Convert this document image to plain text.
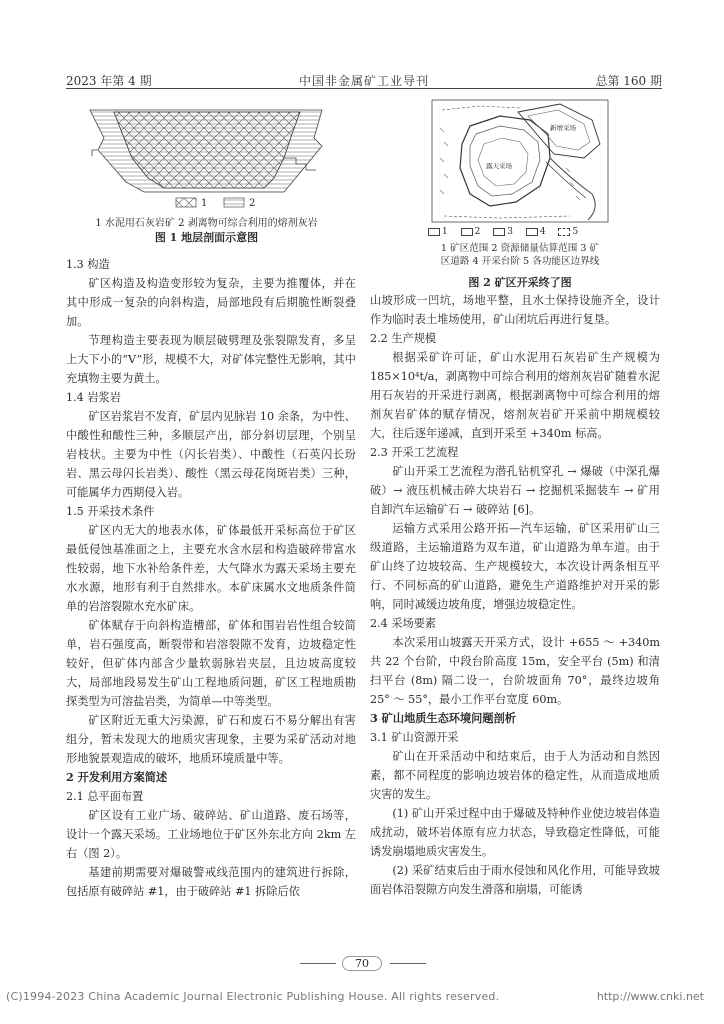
2023 年第 4 期	中国非金属矿工业导刊	总第 160 期
1	2
1 水泥用石灰岩矿 2 剥离物可综合利用的熔剂灰岩
图 1 地层剖面示意图
露天采场
新增采场
1	2	3	4	5
1 矿区范围 2 资源储量估算范围 3 矿
区道路 4 开采台阶 5 各功能区边界线
图 2 矿区开采终了图

1.3 构造

矿区构造及构造变形较为复杂，主要为推覆体，并在其中形成一复杂的向斜构造，局部地段有后期脆性断裂叠加。

节理构造主要表现为顺层破劈理及张裂隙发育，多呈上大下小的“V”形，规模不大，对矿体完整性无影响，其中充填物主要为黄土。

1.4 岩浆岩

矿区岩浆岩不发育，矿层内见脉岩 10 余条，为中性、中酸性和酸性三种，多顺层产出，部分斜切层理，个别呈岩枝状。主要为中性（闪长岩类）、中酸性（石英闪长玢岩、黑云母闪长岩类）、酸性（黑云母花岗斑岩类）三种，可能属华力西期侵入岩。

1.5 开采技术条件

矿区内无大的地表水体，矿体最低开采标高位于矿区最低侵蚀基准面之上，主要充水含水层和构造破碎带富水性较弱，地下水补给条件差，大气降水为露天采场主要充水水源，地形有利于自然排水。本矿床属水文地质条件简单的岩溶裂隙水充水矿床。

矿体赋存于向斜构造槽部，矿体和围岩岩性组合较简单，岩石强度高，断裂带和岩溶裂隙不发育，边坡稳定性较好，但矿体内部含少量软弱脉岩夹层，且边坡高度较大，局部地段易发生矿山工程地质问题，矿区工程地质勘探类型为可溶盐岩类，为简单—中等类型。

矿区附近无重大污染源，矿石和废石不易分解出有害组分，暂未发现大的地质灾害现象，主要为采矿活动对地形地貌景观造成的破坏，地质环境质量中等。

2 开发利用方案简述

2.1 总平面布置

矿区设有工业广场、破碎站、矿山道路、废石场等，设计一个露天采场。工业场地位于矿区外东北方向 2km 左右（图 2）。

基建前期需要对爆破警戒线范围内的建筑进行拆除，包括原有破碎站 #1，由于破碎站 #1 拆除后依

山坡形成一凹坑，场地平整，且水土保持设施齐全，设计作为临时表土堆场使用，矿山闭坑后再进行复垦。

2.2 生产规模

根据采矿许可证，矿山水泥用石灰岩矿生产规模为 185×10⁴t/a，剥离物中可综合利用的熔剂灰岩矿随着水泥用石灰岩的开采进行剥离，根据剥离物中可综合利用的熔剂灰岩矿体的赋存情况，熔剂灰岩矿开采前中期规模较大，往后逐年递减，直到开采至 +340m 标高。

2.3 开采工艺流程

矿山开采工艺流程为潜孔钻机穿孔 → 爆破（中深孔爆破）→ 液压机械击碎大块岩石 → 挖掘机采掘装车 → 矿用自卸汽车运输矿石 → 破碎站 [6]。

运输方式采用公路开拓—汽车运输，矿区采用矿山三级道路，主运输道路为双车道，矿山道路为单车道。由于矿山终了边坡较高、生产规模较大，本次设计两条相互平行、不同标高的矿山道路，避免生产道路维护对开采的影响，同时减缓边坡角度，增强边坡稳定性。

2.4 采场要素

本次采用山坡露天开采方式，设计 +655 ～ +340m 共 22 个台阶，中段台阶高度 15m，安全平台 (5m) 和清扫平台 (8m) 隔二设一，台阶坡面角 70°，最终边坡角 25° ～ 55°，最小工作平台宽度 60m。

3 矿山地质生态环境问题剖析

3.1 矿山资源开采

矿山在开采活动中和结束后，由于人为活动和自然因素，都不同程度的影响边坡岩体的稳定性，从而造成地质灾害的发生。

(1) 矿山开采过程中由于爆破及特种作业使边坡岩体造成扰动，破坏岩体原有应力状态，导致稳定性降低，可能诱发崩塌地质灾害发生。

(2) 采矿结束后由于雨水侵蚀和风化作用，可能导致坡面岩体沿裂隙方向发生滑落和崩塌，可能诱

70
(C)1994-2023 China Academic Journal Electronic Publishing House. All rights reserved.	http://www.cnki.net
